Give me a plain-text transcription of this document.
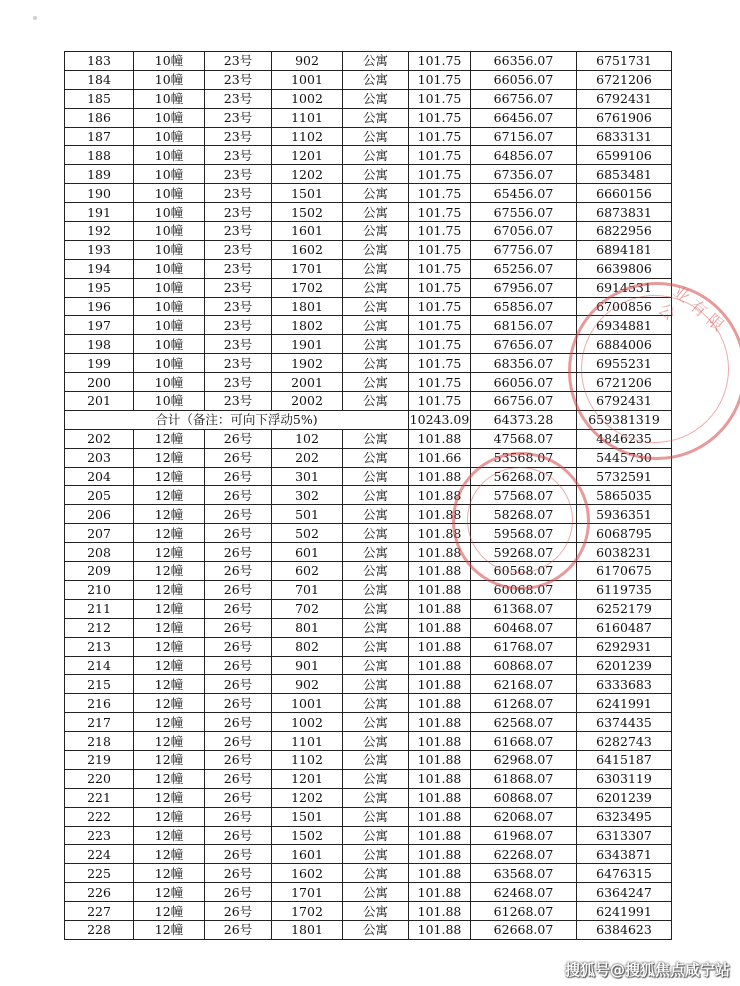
183	10幢	23号	902	公寓	101.75	66356.07	6751731
184	10幢	23号	1001	公寓	101.75	66056.07	6721206
185	10幢	23号	1002	公寓	101.75	66756.07	6792431
186	10幢	23号	1101	公寓	101.75	66456.07	6761906
187	10幢	23号	1102	公寓	101.75	67156.07	6833131
188	10幢	23号	1201	公寓	101.75	64856.07	6599106
189	10幢	23号	1202	公寓	101.75	67356.07	6853481
190	10幢	23号	1501	公寓	101.75	65456.07	6660156
191	10幢	23号	1502	公寓	101.75	67556.07	6873831
192	10幢	23号	1601	公寓	101.75	67056.07	6822956
193	10幢	23号	1602	公寓	101.75	67756.07	6894181
194	10幢	23号	1701	公寓	101.75	65256.07	6639806
195	10幢	23号	1702	公寓	101.75	67956.07	6914531
196	10幢	23号	1801	公寓	101.75	65856.07	6700856
197	10幢	23号	1802	公寓	101.75	68156.07	6934881
198	10幢	23号	1901	公寓	101.75	67656.07	6884006
199	10幢	23号	1902	公寓	101.75	68356.07	6955231
200	10幢	23号	2001	公寓	101.75	66056.07	6721206
201	10幢	23号	2002	公寓	101.75	66756.07	6792431
合计（备注：可向下浮动5%)					10243.09	64373.28	659381319
202	12幢	26号	102	公寓	101.88	47568.07	4846235
203	12幢	26号	202	公寓	101.66	53568.07	5445730
204	12幢	26号	301	公寓	101.88	56268.07	5732591
205	12幢	26号	302	公寓	101.88	57568.07	5865035
206	12幢	26号	501	公寓	101.88	58268.07	5936351
207	12幢	26号	502	公寓	101.88	59568.07	6068795
208	12幢	26号	601	公寓	101.88	59268.07	6038231
209	12幢	26号	602	公寓	101.88	60568.07	6170675
210	12幢	26号	701	公寓	101.88	60068.07	6119735
211	12幢	26号	702	公寓	101.88	61368.07	6252179
212	12幢	26号	801	公寓	101.88	60468.07	6160487
213	12幢	26号	802	公寓	101.88	61768.07	6292931
214	12幢	26号	901	公寓	101.88	60868.07	6201239
215	12幢	26号	902	公寓	101.88	62168.07	6333683
216	12幢	26号	1001	公寓	101.88	61268.07	6241991
217	12幢	26号	1002	公寓	101.88	62568.07	6374435
218	12幢	26号	1101	公寓	101.88	61668.07	6282743
219	12幢	26号	1102	公寓	101.88	62968.07	6415187
220	12幢	26号	1201	公寓	101.88	61868.07	6303119
221	12幢	26号	1202	公寓	101.88	60868.07	6201239
222	12幢	26号	1501	公寓	101.88	62068.07	6323495
223	12幢	26号	1502	公寓	101.88	61968.07	6313307
224	12幢	26号	1601	公寓	101.88	62268.07	6343871
225	12幢	26号	1602	公寓	101.88	63568.07	6476315
226	12幢	26号	1701	公寓	101.88	62468.07	6364247
227	12幢	26号	1702	公寓	101.88	61268.07	6241991
228	12幢	26号	1801	公寓	101.88	62668.07	6384623
业有限公
搜狐号@搜狐焦点咸宁站
